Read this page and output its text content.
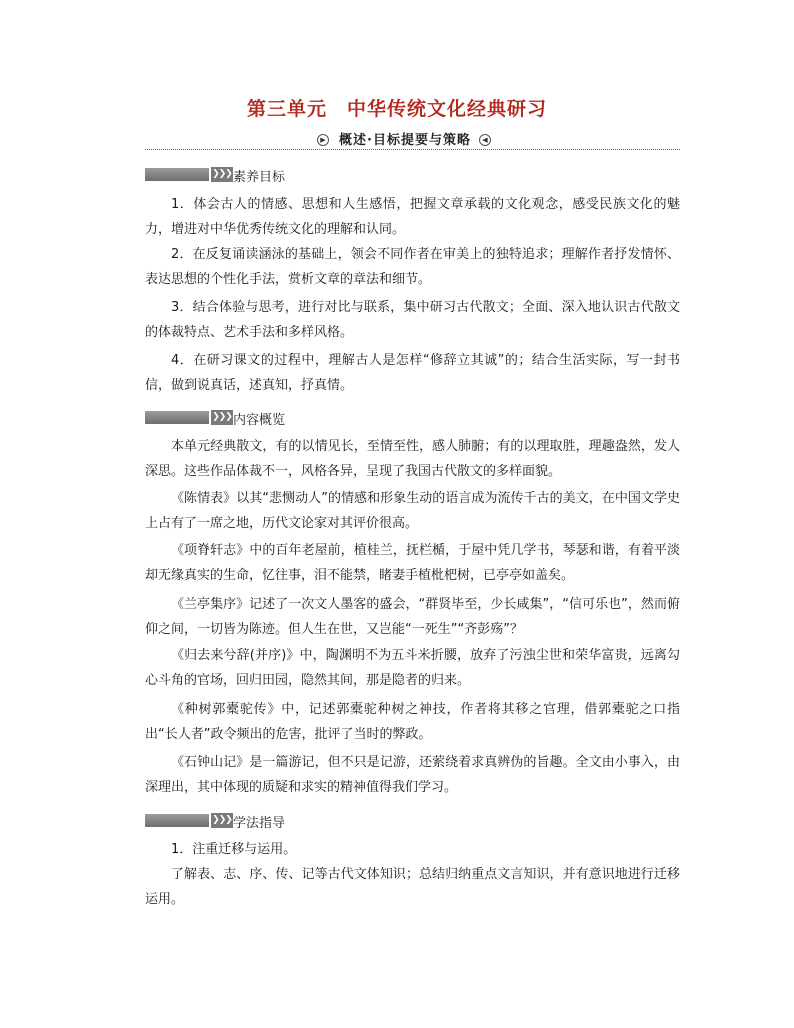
第三单元　中华传统文化经典研习
▶	概述·目标提要与策略	◀
❯❯❯ 素养目标
1．体会古人的情感、思想和人生感悟，把握文章承载的文化观念，感受民族文化的魅力，增进对中华优秀传统文化的理解和认同。
2．在反复诵读涵泳的基础上，领会不同作者在审美上的独特追求；理解作者抒发情怀、表达思想的个性化手法，赏析文章的章法和细节。
3．结合体验与思考，进行对比与联系，集中研习古代散文；全面、深入地认识古代散文的体裁特点、艺术手法和多样风格。
4．在研习课文的过程中，理解古人是怎样“修辞立其诚”的；结合生活实际，写一封书信，做到说真话，述真知，抒真情。
❯❯❯ 内容概览
本单元经典散文，有的以情见长，至情至性，感人肺腑；有的以理取胜，理趣盎然，发人深思。这些作品体裁不一，风格各异，呈现了我国古代散文的多样面貌。
《陈情表》以其“悲恻动人”的情感和形象生动的语言成为流传千古的美文，在中国文学史上占有了一席之地，历代文论家对其评价很高。
《项脊轩志》中的百年老屋前，植桂兰，抚栏楯，于屋中凭几学书，琴瑟和谐，有着平淡却无缘真实的生命，忆往事，泪不能禁，睹妻手植枇杷树，已亭亭如盖矣。
《兰亭集序》记述了一次文人墨客的盛会，“群贤毕至，少长咸集”，“信可乐也”，然而俯仰之间，一切皆为陈迹。但人生在世，又岂能“一死生”“齐彭殇”？
《归去来兮辞(并序)》中，陶渊明不为五斗米折腰，放弃了污浊尘世和荣华富贵，远离勾心斗角的官场，回归田园，隐然其间，那是隐者的归来。
《种树郭橐驼传》中，记述郭橐驼种树之神技，作者将其移之官理，借郭橐驼之口指出“长人者”政令频出的危害，批评了当时的弊政。
《石钟山记》是一篇游记，但不只是记游，还萦绕着求真辨伪的旨趣。全文由小事入，由深理出，其中体现的质疑和求实的精神值得我们学习。
❯❯❯ 学法指导
1．注重迁移与运用。
了解表、志、序、传、记等古代文体知识；总结归纳重点文言知识，并有意识地进行迁移运用。
